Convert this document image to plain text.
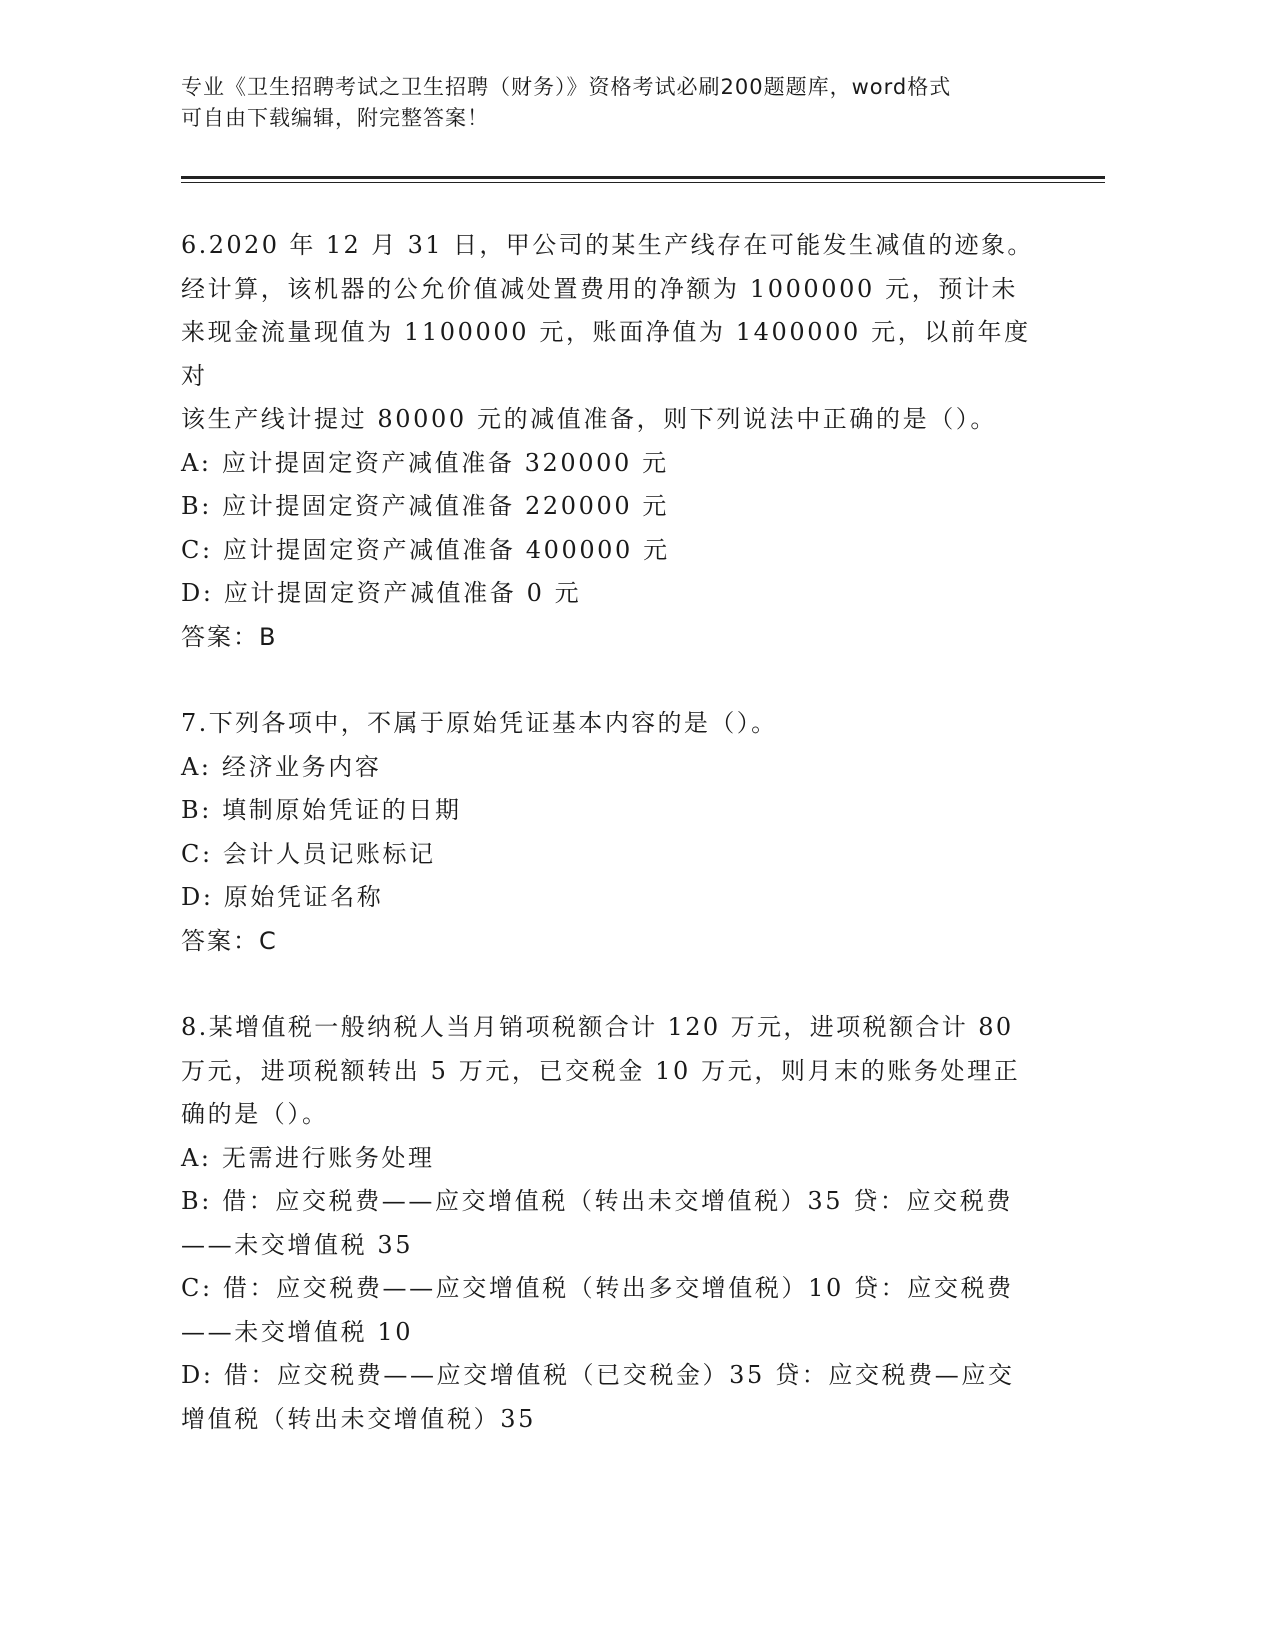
专业《卫生招聘考试之卫生招聘（财务）》资格考试必刷200题题库，word格式
可自由下载编辑，附完整答案！
6.2020 年 12 月 31 日，甲公司的某生产线存在可能发生减值的迹象。
经计算，该机器的公允价值减处置费用的净额为 1000000 元，预计未
来现金流量现值为 1100000 元，账面净值为 1400000 元，以前年度对
该生产线计提过 80000 元的减值准备，则下列说法中正确的是（）。
A: 应计提固定资产减值准备 320000 元
B: 应计提固定资产减值准备 220000 元
C: 应计提固定资产减值准备 400000 元
D: 应计提固定资产减值准备 0 元
答案：B
7.下列各项中，不属于原始凭证基本内容的是（）。
A: 经济业务内容
B: 填制原始凭证的日期
C: 会计人员记账标记
D: 原始凭证名称
答案：C
8.某增值税一般纳税人当月销项税额合计 120 万元，进项税额合计 80
万元，进项税额转出 5 万元，已交税金 10 万元，则月末的账务处理正
确的是（）。
A: 无需进行账务处理
B: 借：应交税费——应交增值税（转出未交增值税）35 贷：应交税费
——未交增值税 35
C: 借：应交税费——应交增值税（转出多交增值税）10 贷：应交税费
——未交增值税 10
D: 借：应交税费——应交增值税（已交税金）35 贷：应交税费—应交
增值税（转出未交增值税）35
